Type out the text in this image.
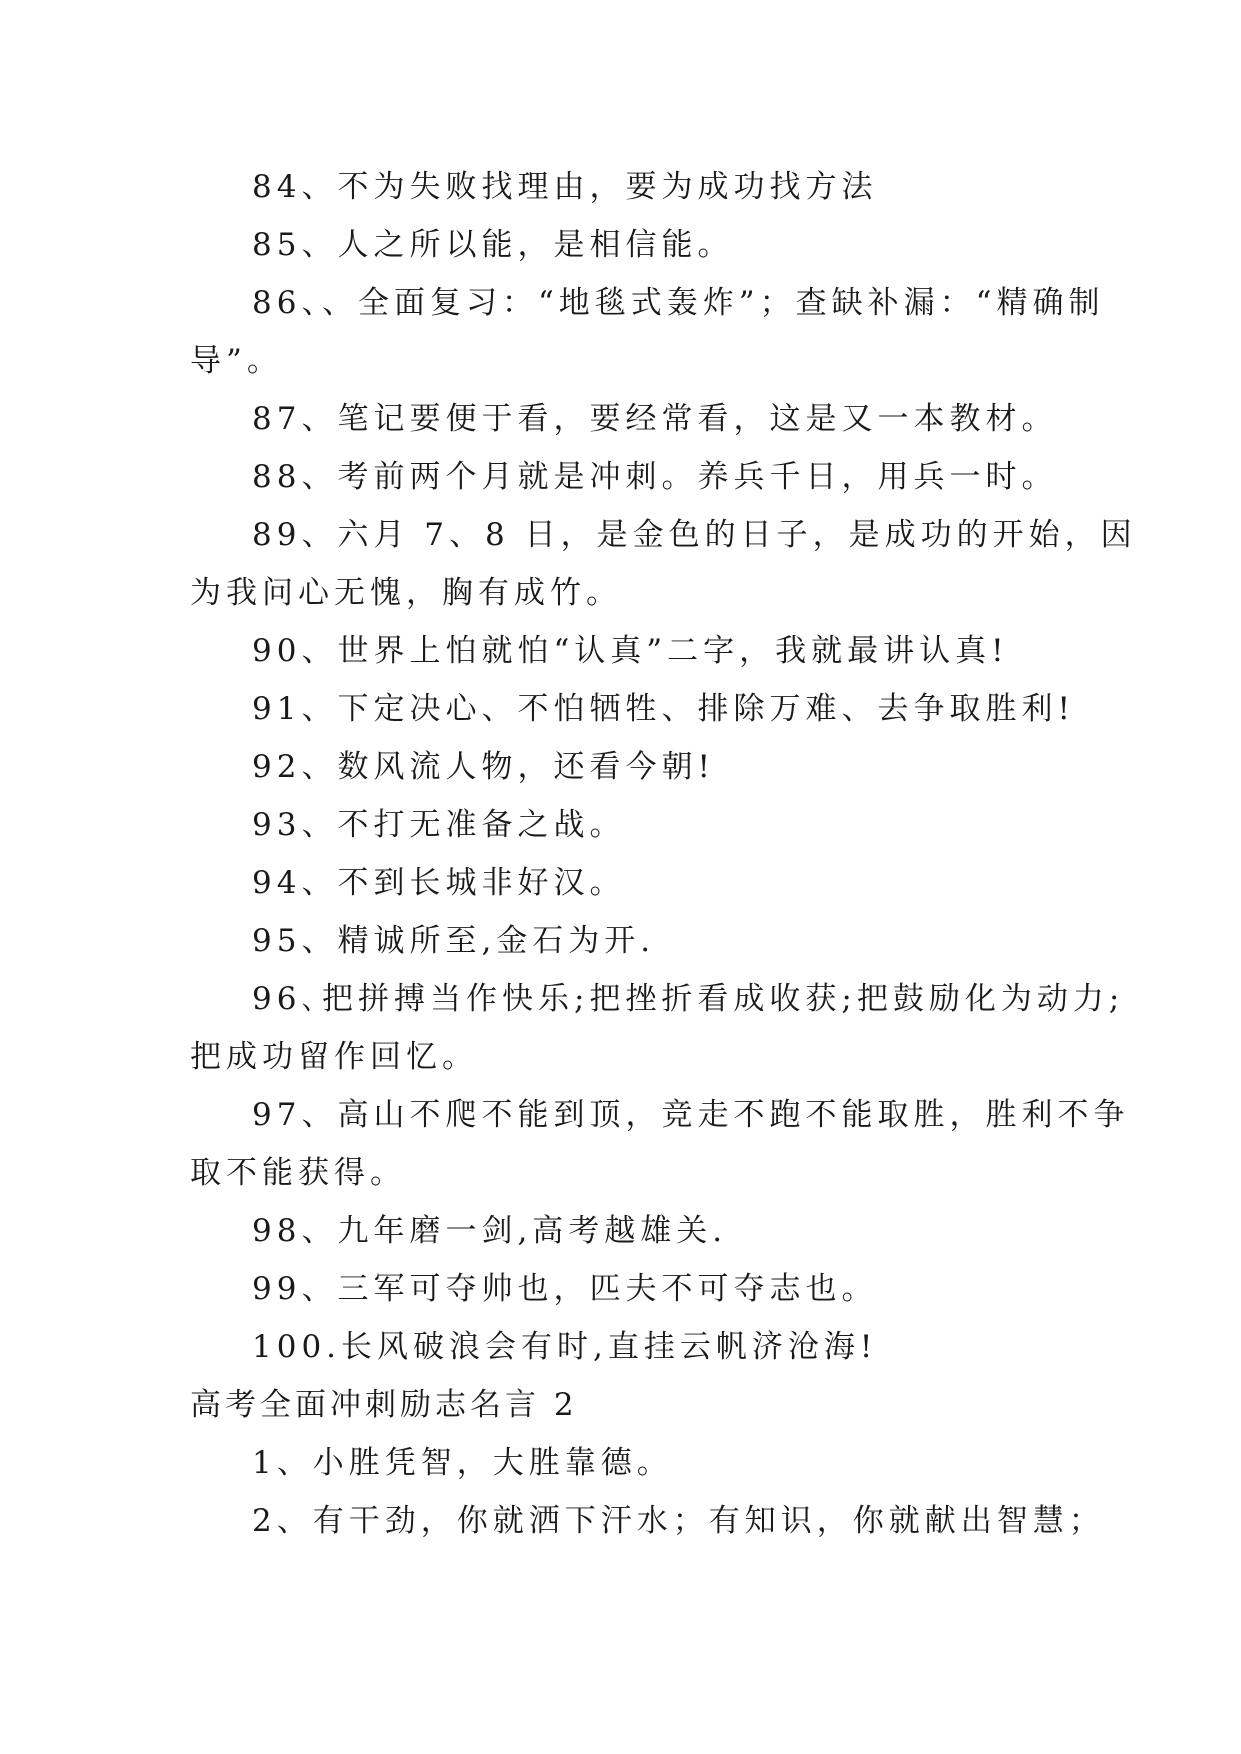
84、不为失败找理由，要为成功找方法
85、人之所以能，是相信能。
86、、全面复习：“地毯式轰炸”；查缺补漏：“精确制
导”。
87、笔记要便于看，要经常看，这是又一本教材。
88、考前两个月就是冲刺。养兵千日，用兵一时。
89、六月 7、8 日，是金色的日子，是成功的开始，因
为我问心无愧，胸有成竹。
90、世界上怕就怕“认真”二字，我就最讲认真!
91、下定决心、不怕牺牲、排除万难、去争取胜利!
92、数风流人物，还看今朝!
93、不打无准备之战。
94、不到长城非好汉。
95、精诚所至,金石为开.
96､把拼搏当作快乐;把挫折看成收获;把鼓励化为动力;
把成功留作回忆。
97、高山不爬不能到顶，竞走不跑不能取胜，胜利不争
取不能获得。
98、九年磨一剑,高考越雄关.
99、三军可夺帅也，匹夫不可夺志也。
100.长风破浪会有时,直挂云帆济沧海!
高考全面冲刺励志名言 2
1、小胜凭智，大胜靠德。
2、有干劲，你就洒下汗水；有知识，你就献出智慧；
